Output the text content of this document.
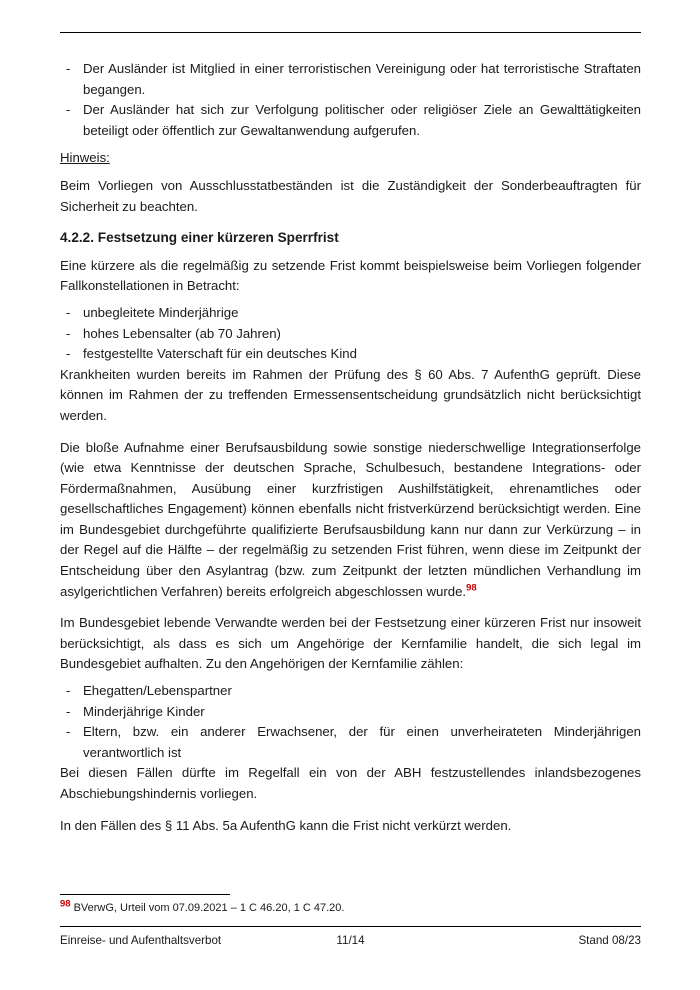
- Der Ausländer ist Mitglied in einer terroristischen Vereinigung oder hat terroristische Straftaten begangen.
- Der Ausländer hat sich zur Verfolgung politischer oder religiöser Ziele an Gewalttätigkeiten beteiligt oder öffentlich zur Gewaltanwendung aufgerufen.

Hinweis:

Beim Vorliegen von Ausschlusstatbeständen ist die Zuständigkeit der Sonderbeauftragten für Sicherheit zu beachten.

4.2.2. Festsetzung einer kürzeren Sperrfrist

Eine kürzere als die regelmäßig zu setzende Frist kommt beispielsweise beim Vorliegen folgender Fallkonstellationen in Betracht:

- unbegleitete Minderjährige
- hohes Lebensalter (ab 70 Jahren)
- festgestellte Vaterschaft für ein deutsches Kind

Krankheiten wurden bereits im Rahmen der Prüfung des § 60 Abs. 7 AufenthG geprüft. Diese können im Rahmen der zu treffenden Ermessensentscheidung grundsätzlich nicht berücksichtigt werden.

Die bloße Aufnahme einer Berufsausbildung sowie sonstige niederschwellige Integrationserfolge (wie etwa Kenntnisse der deutschen Sprache, Schulbesuch, bestandene Integrations- oder Fördermaßnahmen, Ausübung einer kurzfristigen Aushilfstätigkeit, ehrenamtliches oder gesellschaftliches Engagement) können ebenfalls nicht fristverkürzend berücksichtigt werden. Eine im Bundesgebiet durchgeführte qualifizierte Berufsausbildung kann nur dann zur Verkürzung – in der Regel auf die Hälfte – der regelmäßig zu setzenden Frist führen, wenn diese im Zeitpunkt der Entscheidung über den Asylantrag (bzw. zum Zeitpunkt der letzten mündlichen Verhandlung im asylgerichtlichen Verfahren) bereits erfolgreich abgeschlossen wurde.$^{98}$

Im Bundesgebiet lebende Verwandte werden bei der Festsetzung einer kürzeren Frist nur insoweit berücksichtigt, als dass es sich um Angehörige der Kernfamilie handelt, die sich legal im Bundesgebiet aufhalten. Zu den Angehörigen der Kernfamilie zählen:

- Ehegatten/Lebenspartner
- Minderjährige Kinder
- Eltern, bzw. ein anderer Erwachsener, der für einen unverheirateten Minderjährigen verantwortlich ist

Bei diesen Fällen dürfte im Regelfall ein von der ABH festzustellendes inlandsbezogenes Abschiebungshindernis vorliegen.

In den Fällen des § 11 Abs. 5a AufenthG kann die Frist nicht verkürzt werden.

$^{98}$ BVerwG, Urteil vom 07.09.2021 – 1 C 46.20, 1 C 47.20.

Einreise- und Aufenthaltsverbot	11/14	Stand 08/23
